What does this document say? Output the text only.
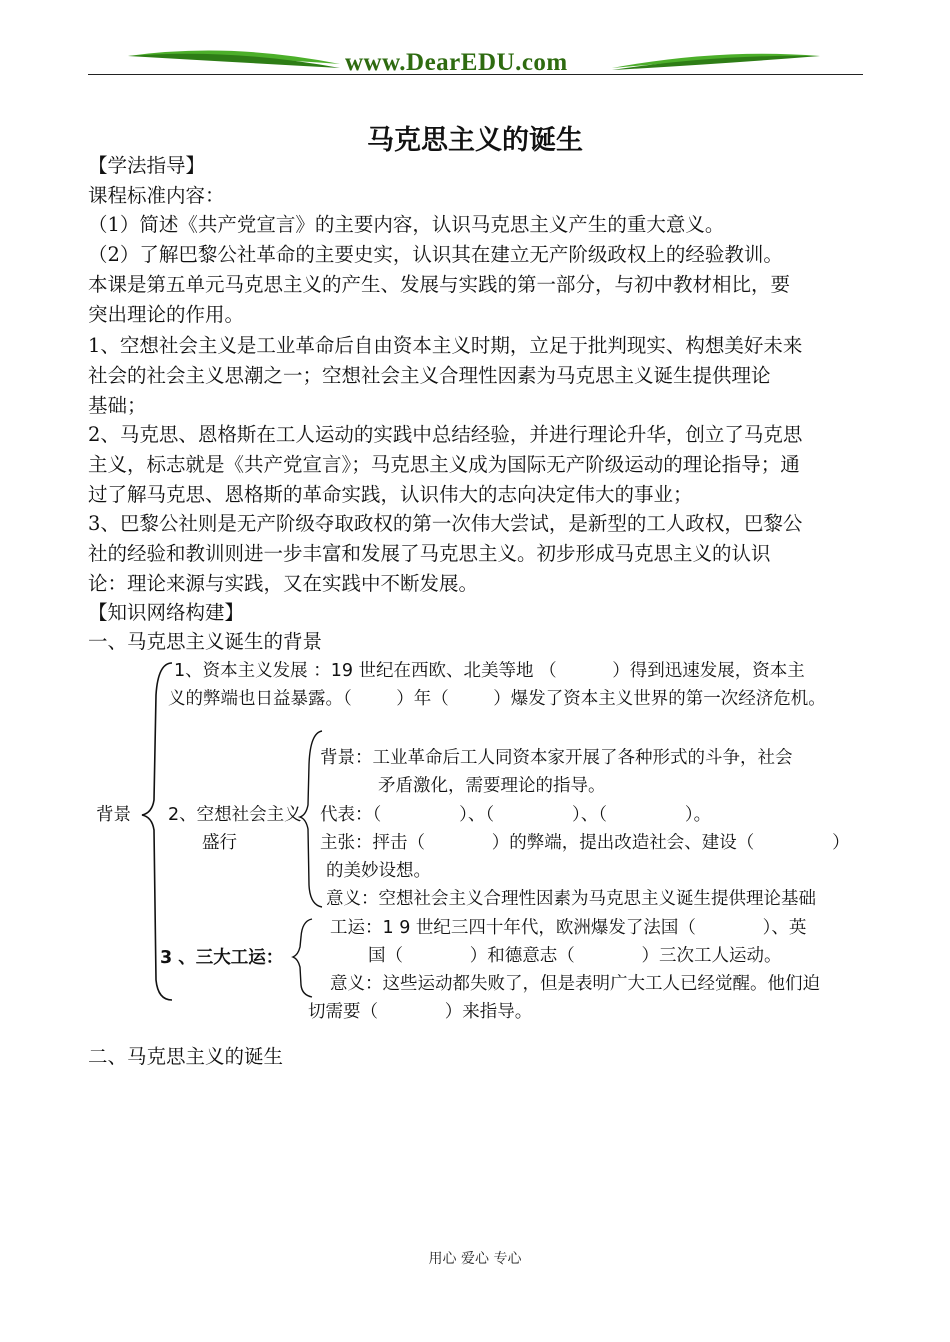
www.DearEDU.com
马克思主义的诞生
【学法指导】
课程标准内容：
（1）简述《共产党宣言》的主要内容，认识马克思主义产生的重大意义。
（2）了解巴黎公社革命的主要史实，认识其在建立无产阶级政权上的经验教训。
本课是第五单元马克思主义的产生、发展与实践的第一部分，与初中教材相比，要
突出理论的作用。
1、空想社会主义是工业革命后自由资本主义时期，立足于批判现实、构想美好未来
社会的社会主义思潮之一；空想社会主义合理性因素为马克思主义诞生提供理论
基础；
2、马克思、恩格斯在工人运动的实践中总结经验，并进行理论升华，创立了马克思
主义，标志就是《共产党宣言》；马克思主义成为国际无产阶级运动的理论指导；通
过了解马克思、恩格斯的革命实践，认识伟大的志向决定伟大的事业；
3、巴黎公社则是无产阶级夺取政权的第一次伟大尝试，是新型的工人政权，巴黎公
社的经验和教训则进一步丰富和发展了马克思主义。初步形成马克思主义的认识
论：理论来源与实践，又在实践中不断发展。
【知识网络构建】
一、马克思主义诞生的背景
背景
1、资本主义发展 ：19 世纪在西欧、北美等地 （          ）得到迅速发展，资本主
义的弊端也日益暴露。（        ）年（        ）爆发了资本主义世界的第一次经济危机。
2、空想社会主义
盛行
背景：工业革命后工人同资本家开展了各种形式的斗争，社会
矛盾激化，需要理论的指导。
代表：（              ）、（              ）、（              ）。
主张：抨击（            ）的弊端，提出改造社会、建设（              ）
的美妙设想。
意义：空想社会主义合理性因素为马克思主义诞生提供理论基础
3 、三大工运：
工运：1 9 世纪三四十年代，欧洲爆发了法国（            ）、英
国（            ）和德意志（            ）三次工人运动。
意义：这些运动都失败了，但是表明广大工人已经觉醒。他们迫
切需要（            ）来指导。
二、马克思主义的诞生
用心 爱心 专心
